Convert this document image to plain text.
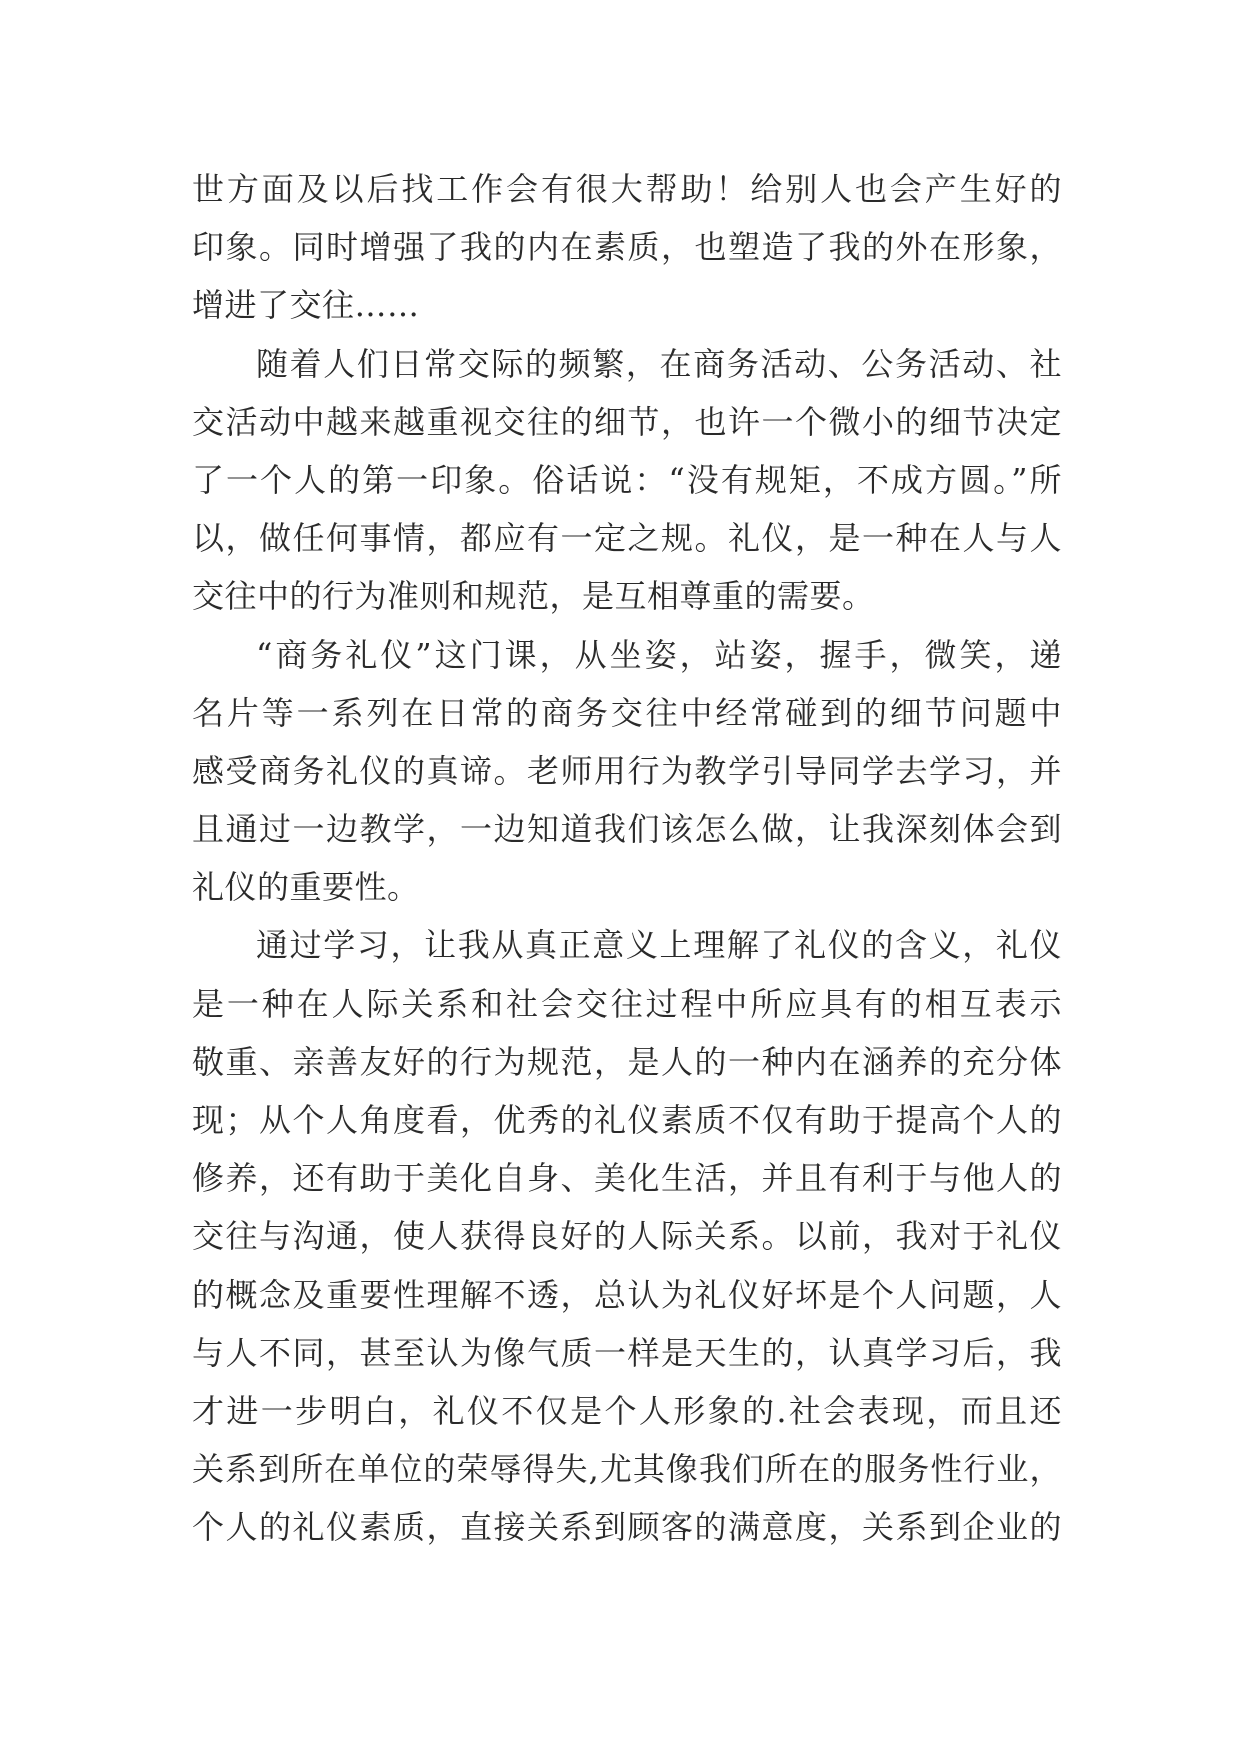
世方面及以后找工作会有很大帮助！给别人也会产生好的
印象。同时增强了我的内在素质，也塑造了我的外在形象，
增进了交往……
随着人们日常交际的频繁，在商务活动、公务活动、社
交活动中越来越重视交往的细节，也许一个微小的细节决定
了一个人的第一印象。俗话说：“没有规矩，不成方圆。”所
以，做任何事情，都应有一定之规。礼仪，是一种在人与人
交往中的行为准则和规范，是互相尊重的需要。
“商务礼仪”这门课，从坐姿，站姿，握手，微笑，递
名片等一系列在日常的商务交往中经常碰到的细节问题中
感受商务礼仪的真谛。老师用行为教学引导同学去学习，并
且通过一边教学，一边知道我们该怎么做，让我深刻体会到
礼仪的重要性。
通过学习，让我从真正意义上理解了礼仪的含义，礼仪
是一种在人际关系和社会交往过程中所应具有的相互表示
敬重、亲善友好的行为规范，是人的一种内在涵养的充分体
现；从个人角度看，优秀的礼仪素质不仅有助于提高个人的
修养，还有助于美化自身、美化生活，并且有利于与他人的
交往与沟通，使人获得良好的人际关系。以前，我对于礼仪
的概念及重要性理解不透，总认为礼仪好坏是个人问题，人
与人不同，甚至认为像气质一样是天生的，认真学习后，我
才进一步明白，礼仪不仅是个人形象的.社会表现，而且还
关系到所在单位的荣辱得失,尤其像我们所在的服务性行业，
个人的礼仪素质，直接关系到顾客的满意度，关系到企业的
